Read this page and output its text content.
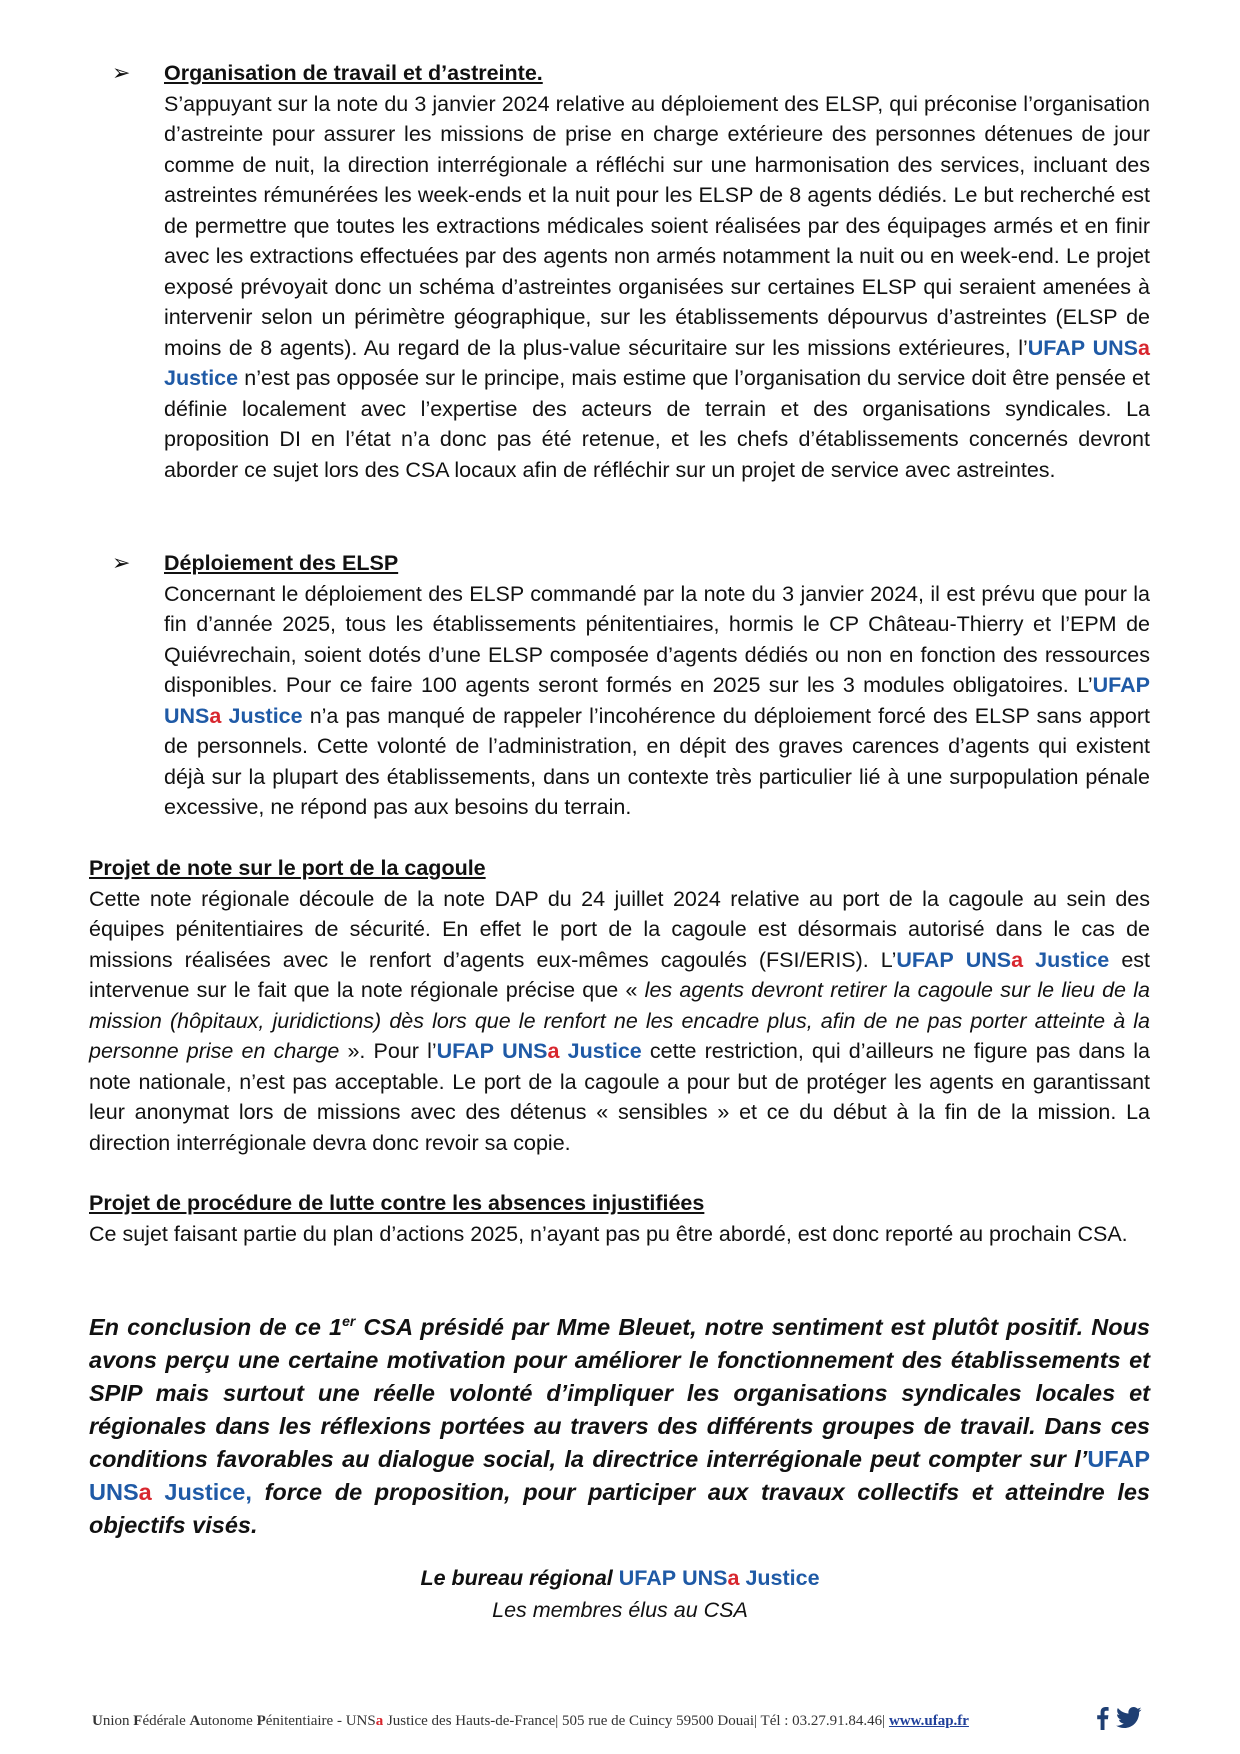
➢ Organisation de travail et d’astreinte.
S’appuyant sur la note du 3 janvier 2024 relative au déploiement des ELSP, qui préconise l’organisation d’astreinte pour assurer les missions de prise en charge extérieure des personnes détenues de jour comme de nuit, la direction interrégionale a réfléchi sur une harmonisation des services, incluant des astreintes rémunérées les week-ends et la nuit pour les ELSP de 8 agents dédiés. Le but recherché est de permettre que toutes les extractions médicales soient réalisées par des équipages armés et en finir avec les extractions effectuées par des agents non armés notamment la nuit ou en week-end. Le projet exposé prévoyait donc un schéma d’astreintes organisées sur certaines ELSP qui seraient amenées à intervenir selon un périmètre géographique, sur les établissements dépourvus d’astreintes (ELSP de moins de 8 agents). Au regard de la plus-value sécuritaire sur les missions extérieures, l’UFAP UNSa Justice n’est pas opposée sur le principe, mais estime que l’organisation du service doit être pensée et définie localement avec l’expertise des acteurs de terrain et des organisations syndicales. La proposition DI en l’état n’a donc pas été retenue, et les chefs d’établissements concernés devront aborder ce sujet lors des CSA locaux afin de réfléchir sur un projet de service avec astreintes.
➢ Déploiement des ELSP
Concernant le déploiement des ELSP commandé par la note du 3 janvier 2024, il est prévu que pour la fin d’année 2025, tous les établissements pénitentiaires, hormis le CP Château-Thierry et l’EPM de Quiévrechain, soient dotés d’une ELSP composée d’agents dédiés ou non en fonction des ressources disponibles. Pour ce faire 100 agents seront formés en 2025 sur les 3 modules obligatoires. L’UFAP UNSa Justice n’a pas manqué de rappeler l’incohérence du déploiement forcé des ELSP sans apport de personnels. Cette volonté de l’administration, en dépit des graves carences d’agents qui existent déjà sur la plupart des établissements, dans un contexte très particulier lié à une surpopulation pénale excessive, ne répond pas aux besoins du terrain.
Projet de note sur le port de la cagoule
Cette note régionale découle de la note DAP du 24 juillet 2024 relative au port de la cagoule au sein des équipes pénitentiaires de sécurité. En effet le port de la cagoule est désormais autorisé dans le cas de missions réalisées avec le renfort d’agents eux-mêmes cagoulés (FSI/ERIS). L’UFAP UNSa Justice est intervenue sur le fait que la note régionale précise que « les agents devront retirer la cagoule sur le lieu de la mission (hôpitaux, juridictions) dès lors que le renfort ne les encadre plus, afin de ne pas porter atteinte à la personne prise en charge ». Pour l’UFAP UNSa Justice cette restriction, qui d’ailleurs ne figure pas dans la note nationale, n’est pas acceptable. Le port de la cagoule a pour but de protéger les agents en garantissant leur anonymat lors de missions avec des détenus « sensibles » et ce du début à la fin de la mission. La direction interrégionale devra donc revoir sa copie.
Projet de procédure de lutte contre les absences injustifiées
Ce sujet faisant partie du plan d’actions 2025, n’ayant pas pu être abordé, est donc reporté au prochain CSA.

En conclusion de ce 1er CSA présidé par Mme Bleuet, notre sentiment est plutôt positif. Nous avons perçu une certaine motivation pour améliorer le fonctionnement des établissements et SPIP mais surtout une réelle volonté d’impliquer les organisations syndicales locales et régionales dans les réflexions portées au travers des différents groupes de travail. Dans ces conditions favorables au dialogue social, la directrice interrégionale peut compter sur l’UFAP UNSa Justice, force de proposition, pour participer aux travaux collectifs et atteindre les objectifs visés.

Le bureau régional UFAP UNSa Justice
Les membres élus au CSA
Union Fédérale Autonome Pénitentiaire - UNSa Justice des Hauts-de-France| 505 rue de Cuincy 59500 Douai| Tél : 03.27.91.84.46| www.ufap.fr
